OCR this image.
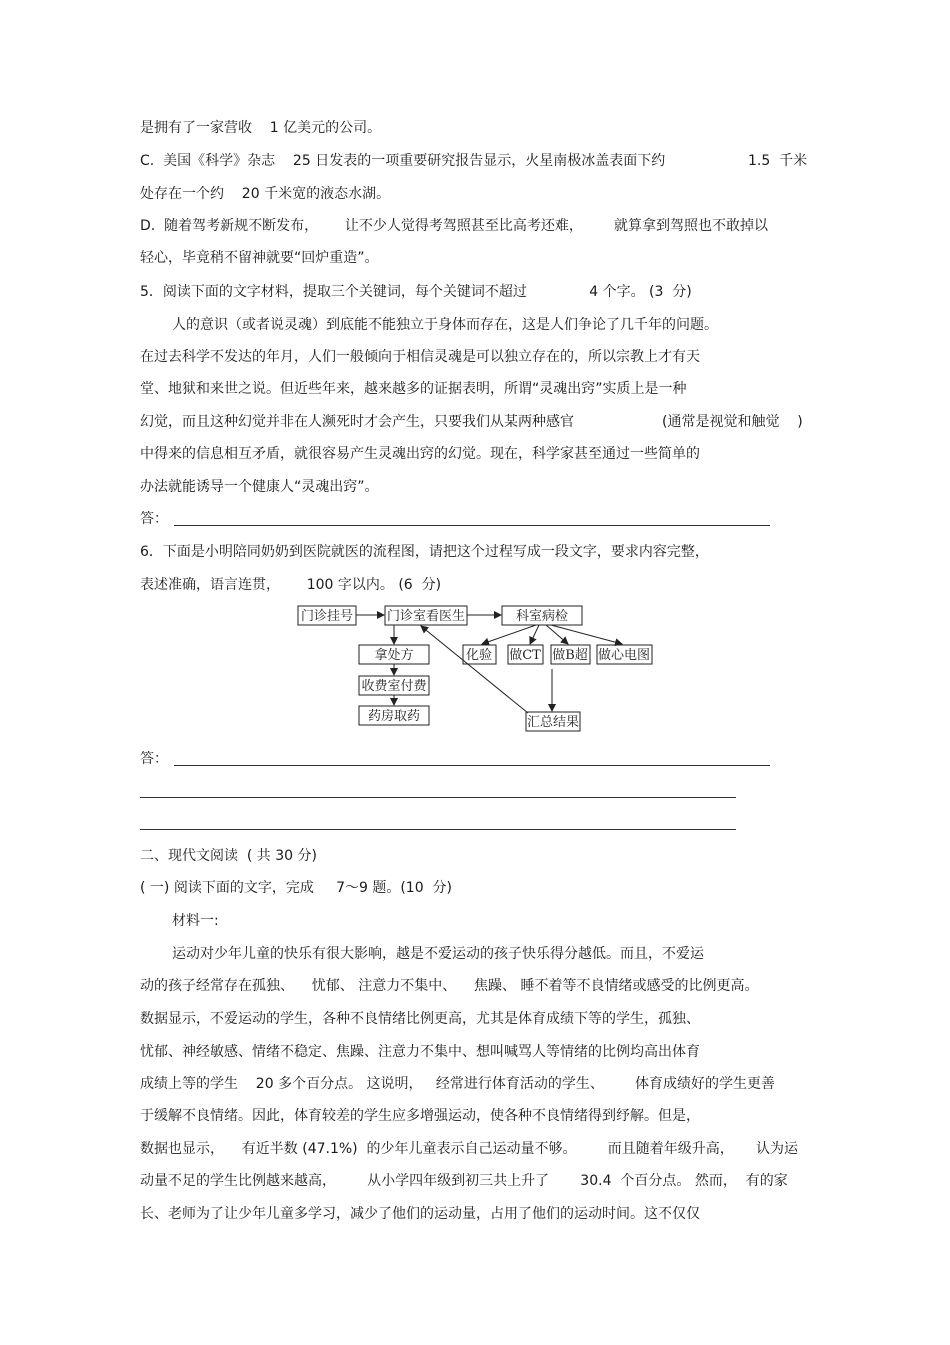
是拥有了一家营收    1 亿美元的公司。
C.  美国《科学》杂志    25 日发表的一项重要研究报告显示，火星南极冰盖表面下约	1.5  千米
处存在一个约    20 千米宽的液态水湖。
D.  随着驾考新规不断发布，      让不少人觉得考驾照甚至比高考还难，       就算拿到驾照也不敢掉以
轻心，毕竟稍不留神就要“回炉重造”。
5．阅读下面的文字材料，提取三个关键词，每个关键词不超过              4 个字。 (3  分)
人的意识（或者说灵魂）到底能不能独立于身体而存在，这是人们争论了几千年的问题。
在过去科学不发达的年月，人们一般倾向于相信灵魂是可以独立存在的，所以宗教上才有天
堂、地狱和来世之说。但近些年来，越来越多的证据表明，所谓“灵魂出窍”实质上是一种
幻觉，而且这种幻觉并非在人濒死时才会产生，只要我们从某两种感官	(通常是视觉和触觉    )
中得来的信息相互矛盾，就很容易产生灵魂出窍的幻觉。现在，科学家甚至通过一些简单的
办法就能诱导一个健康人“灵魂出窍”。
答：
6．下面是小明陪同奶奶到医院就医的流程图，请把这个过程写成一段文字，要求内容完整，
表述准确，语言连贯，      100 字以内。 (6  分)
门诊挂号	门诊室看医生	科室病检
拿处方
收费室付费
药房取药
化验 做CT 做B超 做心电图
汇总结果
答：
二、现代文阅读  ( 共 30 分)
( 一) 阅读下面的文字，完成     7～9 题。(10  分)
材料一:
运动对少年儿童的快乐有很大影响，越是不爱运动的孩子快乐得分越低。而且，不爱运
动的孩子经常存在孤独、    忧郁、 注意力不集中、    焦躁、 睡不着等不良情绪或感受的比例更高。
数据显示，不爱运动的学生，各种不良情绪比例更高，尤其是体育成绩下等的学生，孤独、
忧郁、神经敏感、情绪不稳定、焦躁、注意力不集中、想叫喊骂人等情绪的比例均高出体育
成绩上等的学生    20 多个百分点。 这说明，   经常进行体育活动的学生、       体育成绩好的学生更善
于缓解不良情绪。因此，体育较差的学生应多增强运动，使各种不良情绪得到纾解。但是，
数据也显示，    有近半数 (47.1%)  的少年儿童表示自己运动量不够。       而且随着年级升高，     认为运
动量不足的学生比例越来越高，       从小学四年级到初三共上升了       30.4  个百分点。 然而，  有的家
长、老师为了让少年儿童多学习，减少了他们的运动量，占用了他们的运动时间。这不仅仅
